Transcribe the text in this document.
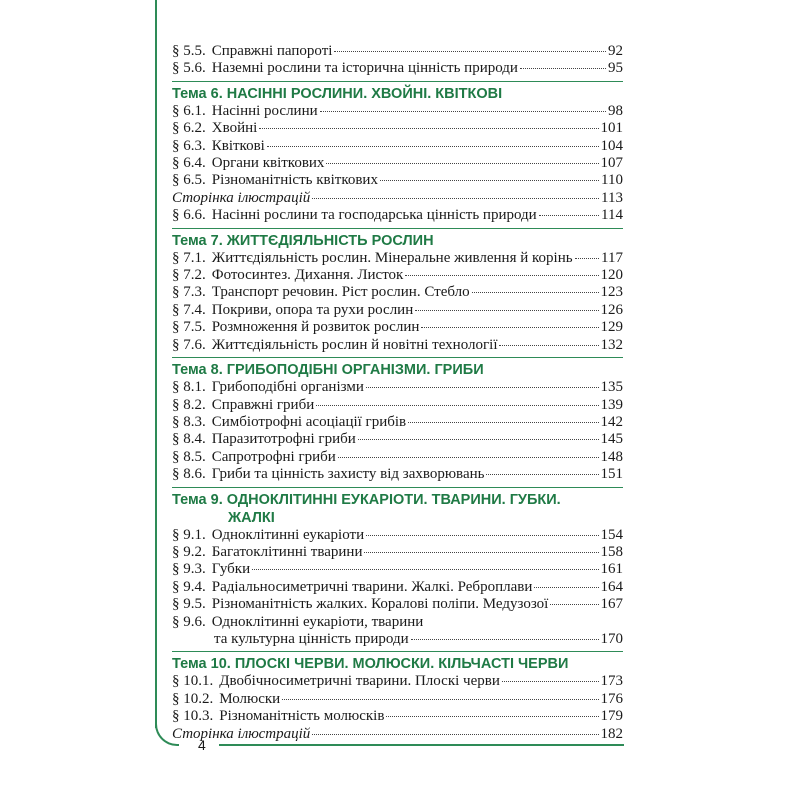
4
§ 5.5. Справжні папороті	92
§ 5.6. Наземні рослини та історична цінність природи	95
Тема 6. НАСІННІ РОСЛИНИ. ХВОЙНІ. КВІТКОВІ
§ 6.1. Насінні рослини	98
§ 6.2. Хвойні	101
§ 6.3. Квіткові	104
§ 6.4. Органи квіткових	107
§ 6.5. Різноманітність квіткових	110
Сторінка ілюстрацій	113
§ 6.6. Насінні рослини та господарська цінність природи	114
Тема 7. ЖИТТЄДІЯЛЬНІСТЬ РОСЛИН
§ 7.1. Життєдіяльність рослин. Мінеральне живлення й корінь 117
§ 7.2. Фотосинтез. Дихання. Листок	120
§ 7.3. Транспорт речовин. Ріст рослин. Стебло	123
§ 7.4. Покриви, опора та рухи рослин	126
§ 7.5. Розмноження й розвиток рослин	129
§ 7.6. Життєдіяльність рослин й новітні технології	132
Тема 8. ГРИБОПОДІБНІ ОРГАНІЗМИ. ГРИБИ
§ 8.1. Грибоподібні організми	135
§ 8.2. Справжні гриби	139
§ 8.3. Симбіотрофні асоціації грибів	142
§ 8.4. Паразитотрофні гриби	145
§ 8.5. Сапротрофні гриби	148
§ 8.6. Гриби та цінність захисту від захворювань	151
Тема 9. ОДНОКЛІТИННІ ЕУКАРІОТИ. ТВАРИНИ. ГУБКИ.
ЖАЛКІ
§ 9.1. Одноклітинні еукаріоти	154
§ 9.2. Багатоклітинні тварини	158
§ 9.3. Губки	161
§ 9.4. Радіальносиметричні тварини. Жалкі. Реброплави	164
§ 9.5. Різноманітність жалких. Коралові поліпи. Медузозої	167
§ 9.6. Одноклітинні еукаріоти, тварини
та культурна цінність природи	170
Тема 10. ПЛОСКІ ЧЕРВИ. МОЛЮСКИ. КІЛЬЧАСТІ ЧЕРВИ
§ 10.1. Двобічносиметричні тварини. Плоскі черви	173
§ 10.2. Молюски	176
§ 10.3. Різноманітність молюсків	179
Сторінка ілюстрацій	182
